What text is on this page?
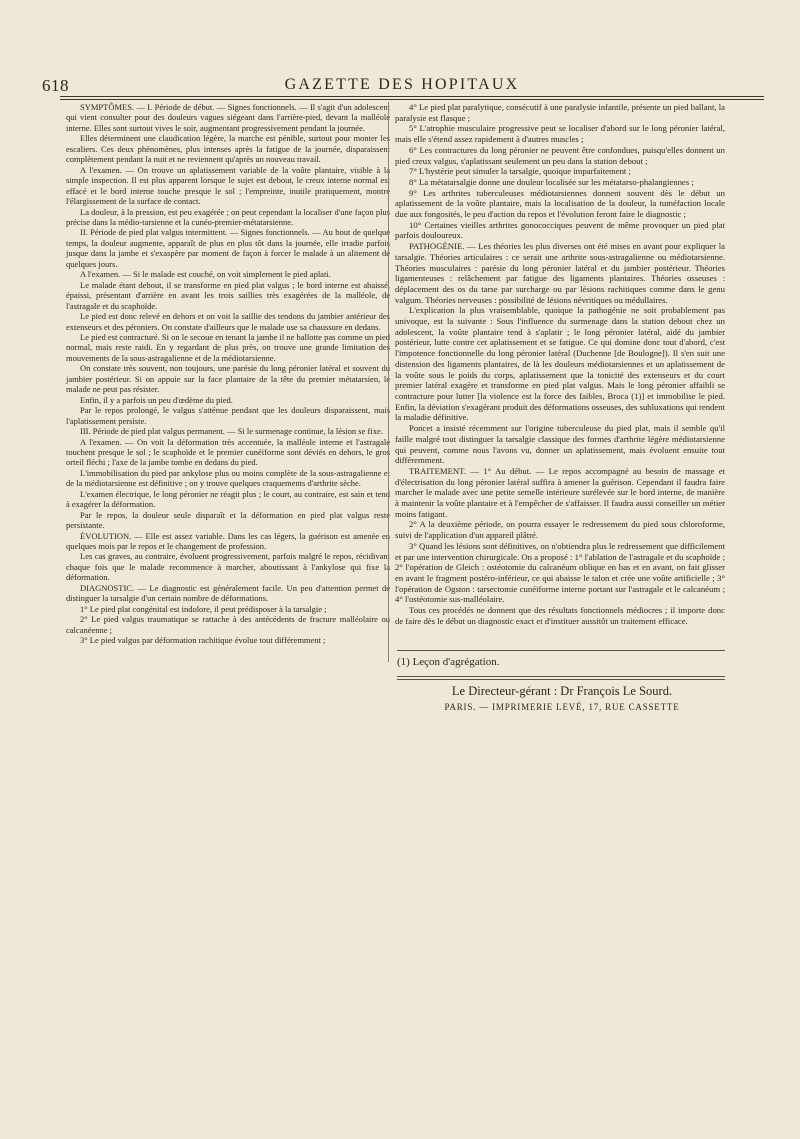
618	GAZETTE DES HOPITAUX

SYMPTÔMES. — I. Période de début. — Signes fonctionnels. — Il s'agit d'un adolescent qui vient consulter pour des douleurs vagues siégeant dans l'arrière-pied, devant la malléole interne. Elles sont surtout vives le soir, augmentant progressivement pendant la journée.

Elles déterminent une claudication légère, la marche est pénible, surtout pour monter les escaliers. Ces deux phénomènes, plus intenses après la fatigue de la journée, disparaissent complètement pendant la nuit et ne reviennent qu'après un nouveau travail.

A l'examen. — On trouve un aplatissement variable de la voûte plantaire, visible à la simple inspection. Il est plus apparent lorsque le sujet est debout, le creux interne normal est effacé et le bord interne touche presque le sol ; l'empreinte, inutile pratiquement, montre l'élargissement de la surface de contact.

La douleur, à la pression, est peu exagérée ; on peut cependant la localiser d'une façon plus précise dans la médio-tarsienne et la cunéo-premier-métatarsienne.

II. Période de pied plat valgus intermittent. — Signes fonctionnels. — Au bout de quelque temps, la douleur augmente, apparaît de plus en plus tôt dans la journée, elle irradie parfois jusque dans la jambe et s'exaspère par moment de façon à forcer le malade à un alitement de quelques jours.

A l'examen. — Si le malade est couché, on voit simplement le pied aplati.

Le malade étant debout, il se transforme en pied plat valgus ; le bord interne est abaissé, épaissi, présentant d'arrière en avant les trois saillies très exagérées de la malléole, de l'astragale et du scaphoïde.

Le pied est donc relevé en dehors et on voit la saillie des tendons du jambier antérieur des extenseurs et des péroniers. On constate d'ailleurs que le malade use sa chaussure en dedans.

Le pied est contracturé. Si on le secoue en tenant la jambe il ne ballotte pas comme un pied normal, mais reste raidi. En y regardant de plus près, on trouve une grande limitation des mouvements de la sous-astragalienne et de la médiotarsienne.

On constate très souvent, non toujours, une parésie du long péronier latéral et souvent du jambier postérieur. Si on appuie sur la face plantaire de la tête du premier métatarsien, le malade ne peut pas résister.

Enfin, il y a parfois un peu d'œdème du pied.

Par le repos prolongé, le valgus s'atténue pendant que les douleurs disparaissent, mais l'aplatissement persiste.

III. Période de pied plat valgus permanent. — Si le surmenage continue, la lésion se fixe.

A l'examen. — On voit la déformation très accentuée, la malléole interne et l'astragale touchent presque le sol ; le scaphoïde et le premier cunéiforme sont déviés en dehors, le gros orteil fléchi ; l'axe de la jambe tombe en dedans du pied.

L'immobilisation du pied par ankylose plus ou moins complète de la sous-astragalienne et de la médiotarsienne est définitive ; on y trouve quelques craquements d'arthrite sèche.

L'examen électrique, le long péronier ne réagit plus ; le court, au contraire, est sain et tend à exagérer la déformation.

Par le repos, la douleur seule disparaît et la déformation en pied plat valgus reste persistante.

ÉVOLUTION. — Elle est assez variable. Dans les cas légers, la guérison est amenée en quelques mois par le repos et le changement de profession.

Les cas graves, au contraire, évoluent progressivement, parfois malgré le repos, récidivant chaque fois que le malade recommence à marcher, aboutissant à l'ankylose qui fixe la déformation.

DIAGNOSTIC. — Le diagnostic est généralement facile. Un peu d'attention permet de distinguer la tarsalgie d'un certain nombre de déformations.

1° Le pied plat congénital est indolore, il peut prédisposer à la tarsalgie ;

2° Le pied valgus traumatique se rattache à des antécédents de fracture malléolaire ou calcanéenne ;

3° Le pied valgus par déformation rachitique évolue tout différemment ;

4° Le pied plat paralytique, consécutif à une paralysie infantile, présente un pied ballant, la paralysie est flasque ;

5° L'atrophie musculaire progressive peut se localiser d'abord sur le long péronier latéral, mais elle s'étend assez rapidement à d'autres muscles ;

6° Les contractures du long péronier ne peuvent être confondues, puisqu'elles donnent un pied creux valgus, s'aplatissant seulement un peu dans la station debout ;

7° L'hystérie peut simuler la tarsalgie, quoique imparfaitement ;

8° La métatarsalgie donne une douleur localisée sur les métatarso-phalangiennes ;

9° Les arthrites tuberculeuses médiotarsiennes donnent souvent dès le début un aplatissement de la voûte plantaire, mais la localisation de la douleur, la tuméfaction locale due aux fongosités, le peu d'action du repos et l'évolution feront faire le diagnostic ;

10° Certaines vieilles arthrites gonococciques peuvent de même provoquer un pied plat parfois douloureux.

PATHOGÉNIE. — Les théories les plus diverses ont été mises en avant pour expliquer la tarsalgie. Théories articulaires : ce serait une arthrite sous-astragalienne ou médiotarsienne. Théories musculaires : parésie du long péronier latéral et du jambier postérieur. Théories ligamenteuses : relâchement par fatigue des ligaments plantaires. Théories osseuses : déplacement des os du tarse par surcharge ou par lésions rachitiques comme dans le genu valgum. Théories nerveuses : possibilité de lésions névritiques ou médullaires.

L'explication la plus vraisemblable, quoique la pathogénie ne soit probablement pas univoque, est la suivante : Sous l'influence du surmenage dans la station debout chez un adolescent, la voûte plantaire tend à s'aplatir ; le long péronier latéral, aidé du jambier postérieur, lutte contre cet aplatissement et se fatigue. Ce qui domine donc tout d'abord, c'est l'impotence fonctionnelle du long péronier latéral (Duchenne [de Boulogne]). Il s'en suit une distension des ligaments plantaires, de là les douleurs médiotarsiennes et un aplatissement de la voûte sous le poids du corps, aplatissement que la tonicité des extenseurs et du court premier latéral exagère et transforme en pied plat valgus. Mais le long péronier affaibli se contracture pour lutter [la violence est la force des faibles, Broca (1)] et immobilise le pied. Enfin, la déviation s'exagérant produit des déformations osseuses, des subluxations qui rendent la maladie définitive.

Poncet a insisté récemment sur l'origine tuberculeuse du pied plat, mais il semble qu'il faille malgré tout distinguer la tarsalgie classique des formes d'arthrite légère médiotarsienne qui peuvent, comme nous l'avons vu, donner un aplatissement, mais évoluent ensuite tout différemment.

TRAITEMENT. — 1° Au début. — Le repos accompagné au besoin de massage et d'électrisation du long péronier latéral suffira à amener la guérison. Cependant il faudra faire marcher le malade avec une petite semelle intérieure surélevée sur le bord interne, de manière à maintenir la voûte plantaire et à l'empêcher de s'affaisser. Il faudra aussi conseiller un métier moins fatigant.

2° A la deuxième période, on pourra essayer le redressement du pied sous chloroforme, suivi de l'application d'un appareil plâtré.

3° Quand les lésions sont définitives, on n'obtiendra plus le redressement que difficilement et par une intervention chirurgicale. On a proposé : 1° l'ablation de l'astragale et du scaphoïde ; 2° l'opération de Gleich : ostéotomie du calcanéum oblique en bas et en avant, on fait glisser en avant le fragment postéro-inférieur, ce qui abaisse le talon et crée une voûte artificielle ; 3° l'opération de Ogston : tarsectomie cunéiforme interne portant sur l'astragale et le calcanéum ; 4° l'ostéotomie sus-malléolaire.

Tous ces procédés ne donnent que des résultats fonctionnels médiocres ; il importe donc de faire dès le début un diagnostic exact et d'instituer aussitôt un traitement efficace.

(1) Leçon d'agrégation.
Le Directeur-gérant : Dr François Le Sourd.
PARIS. — IMPRIMERIE LEVÉ, 17, RUE CASSETTE
